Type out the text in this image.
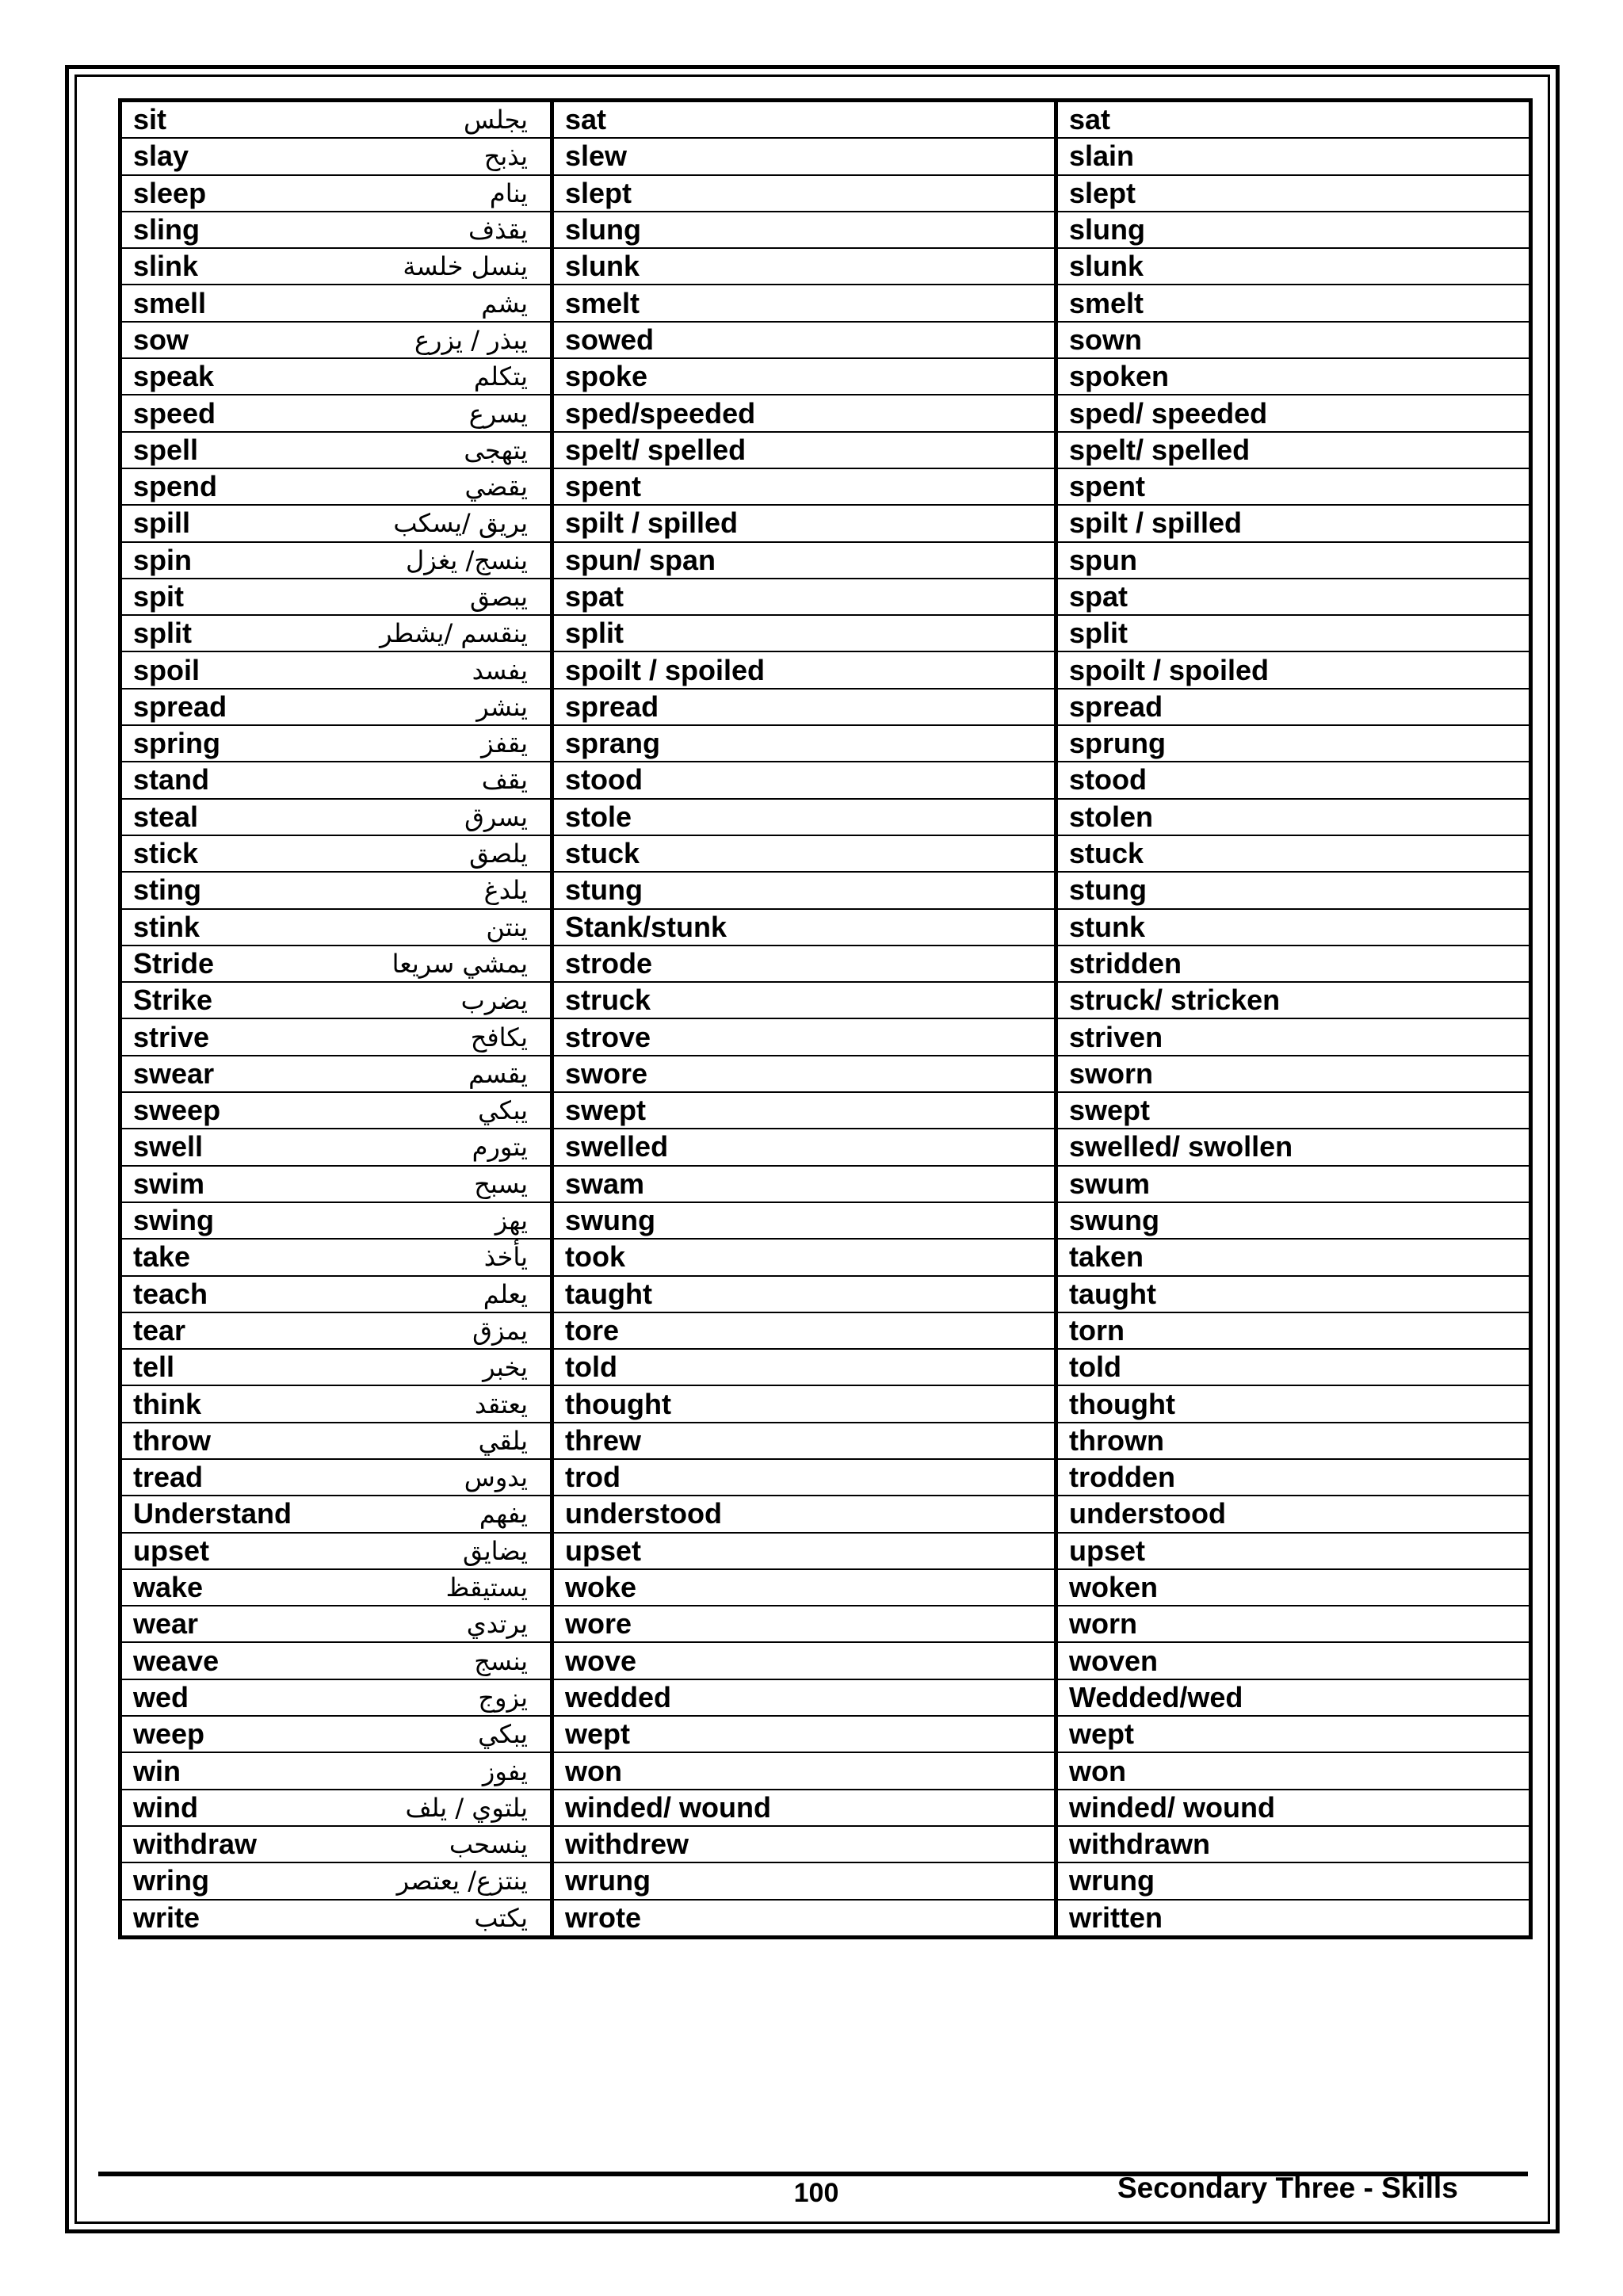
sit يجلس	sat	sat

slay يذبح	slew	slain

sleep ينام	slept	slept

sling يقذف	slung	slung

slink ينسل خلسة	slunk	slunk

smell يشم	smelt	smelt

sow يبذر / يزرع	sowed	sown

speak يتكلم	spoke	spoken

speed يسرع	sped/speeded	sped/ speeded

spell يتهجى	spelt/ spelled	spelt/ spelled

spend يقضي	spent	spent

spill يريق /يسكب	spilt / spilled	spilt / spilled

spin ينسج/ يغزل	spun/ span	spun

spit يبصق	spat	spat

split ينقسم /يشطر	split	split

spoil يفسد	spoilt / spoiled	spoilt / spoiled

spread ينشر	spread	spread

spring يقفز	sprang	sprung

stand يقف	stood	stood

steal يسرق	stole	stolen

stick يلصق	stuck	stuck

sting يلدغ	stung	stung

stink ينتن	Stank/stunk	stunk

Stride يمشي سريعا	strode	stridden

Strike يضرب	struck	struck/ stricken

strive يكافح	strove	striven

swear يقسم	swore	sworn

sweep يبكي	swept	swept

swell يتورم	swelled	swelled/ swollen

swim يسبح	swam	swum

swing يهز	swung	swung

take يأخذ	took	taken

teach يعلم	taught	taught

tear يمزق	tore	torn

tell يخبر	told	told

think يعتقد	thought	thought

throw يلقي	threw	thrown

tread يدوس	trod	trodden

Understand يفهم	understood	understood

upset يضايق	upset	upset

wake يستيقظ	woke	woken

wear يرتدي	wore	worn

weave ينسج	wove	woven

wed يزوج	wedded	Wedded/wed

weep يبكي	wept	wept

win يفوز	won	won

wind يلتوي / يلف	winded/ wound	winded/ wound

withdraw ينسحب	withdrew	withdrawn

wring ينتزع/ يعتصر	wrung	wrung

write يكتب	wrote	written
100	Secondary Three - Skills
